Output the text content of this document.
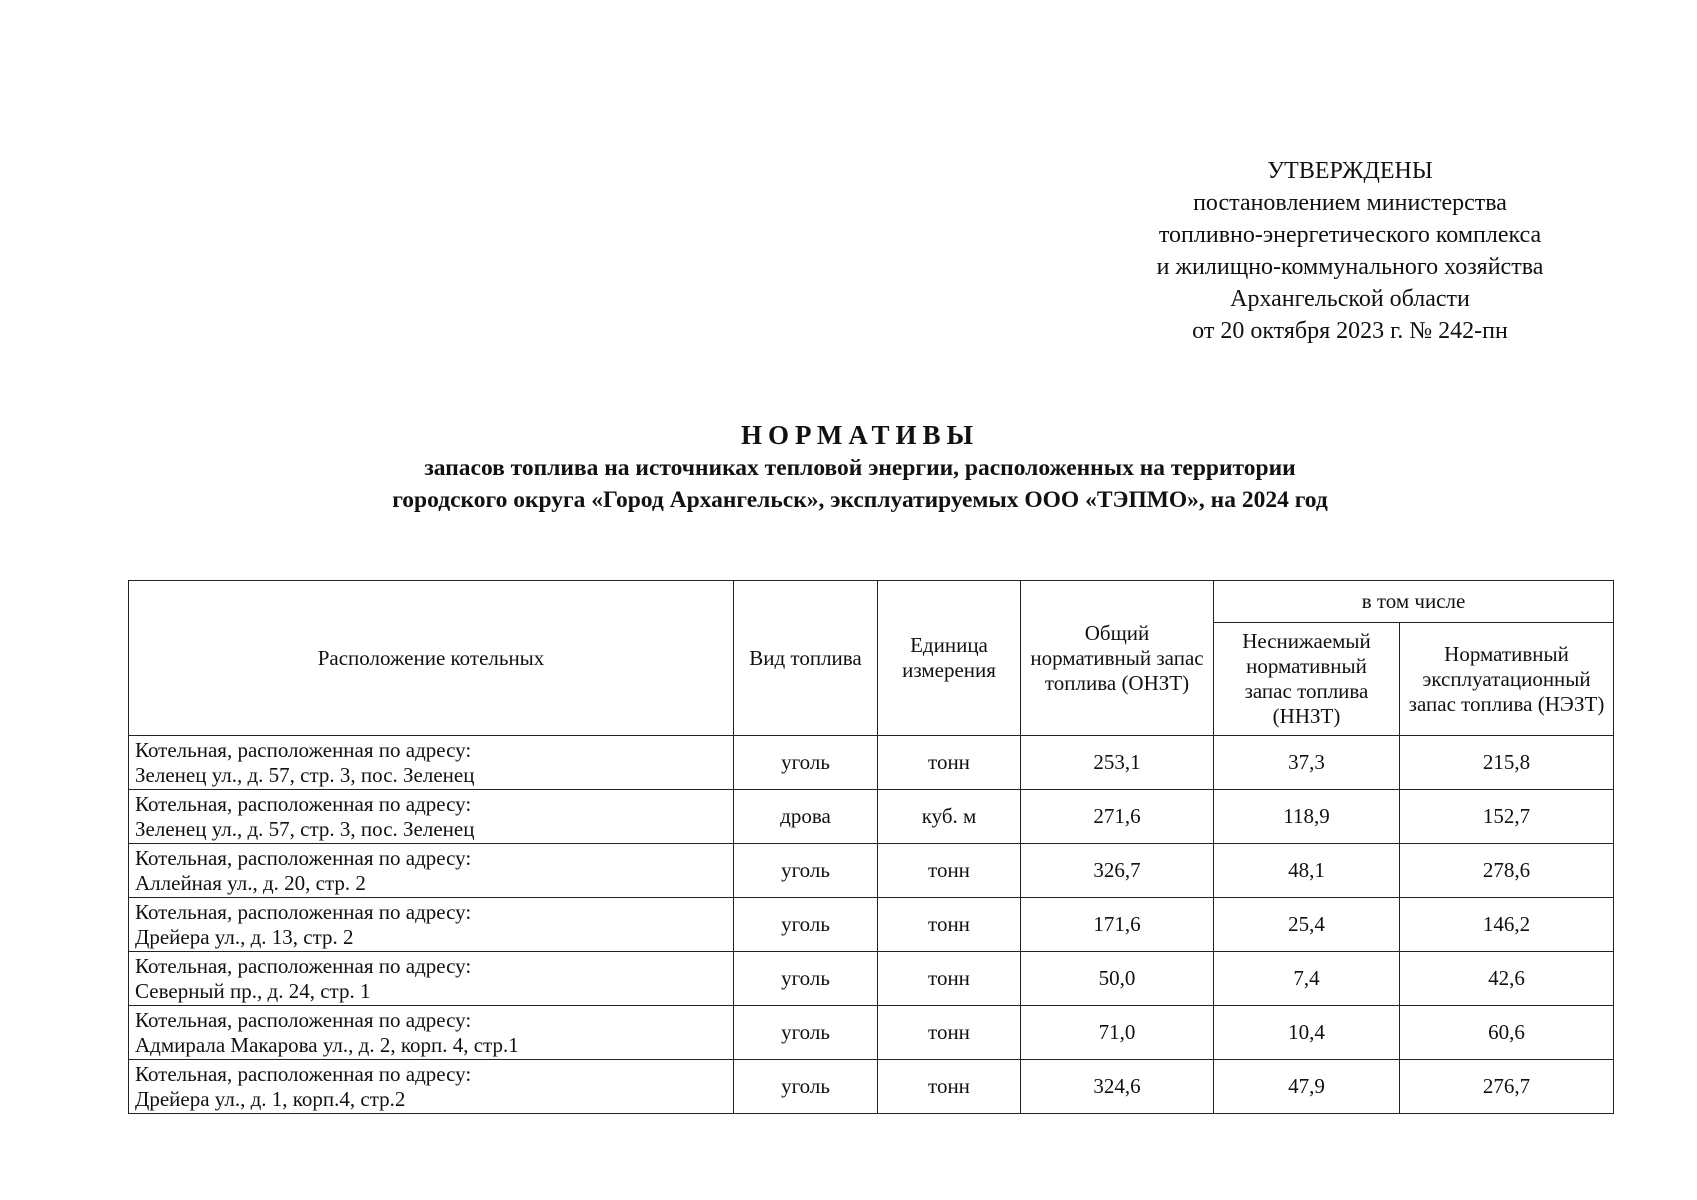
УТВЕРЖДЕНЫ
постановлением министерства
топливно-энергетического комплекса
и жилищно-коммунального хозяйства
Архангельской области
от 20 октября 2023 г. № 242-пн
НОРМАТИВЫ
запасов топлива на источниках тепловой энергии, расположенных на территории
городского округа «Город Архангельск», эксплуатируемых ООО «ТЭПМО», на 2024 год
Расположение котельных	Вид топлива	Единица измерения	Общий нормативный запас топлива (ОНЗТ)	в том числе	
				Неснижаемый нормативный запас топлива (ННЗТ)	Нормативный эксплуатационный запас топлива (НЭЗТ)

Котельная, расположенная по адресу:
Зеленец ул., д. 57, стр. 3, пос. Зеленец	уголь	тонн	253,1	37,3	215,8

Котельная, расположенная по адресу:
Зеленец ул., д. 57, стр. 3, пос. Зеленец	дрова	куб. м	271,6	118,9	152,7

Котельная, расположенная по адресу:
Аллейная ул., д. 20, стр. 2	уголь	тонн	326,7	48,1	278,6

Котельная, расположенная по адресу:
Дрейера ул., д. 13, стр. 2	уголь	тонн	171,6	25,4	146,2

Котельная, расположенная по адресу:
Северный пр., д. 24, стр. 1	уголь	тонн	50,0	7,4	42,6

Котельная, расположенная по адресу:
Адмирала Макарова ул., д. 2, корп. 4, стр.1	уголь	тонн	71,0	10,4	60,6

Котельная, расположенная по адресу:
Дрейера ул., д. 1, корп.4, стр.2	уголь	тонн	324,6	47,9	276,7
